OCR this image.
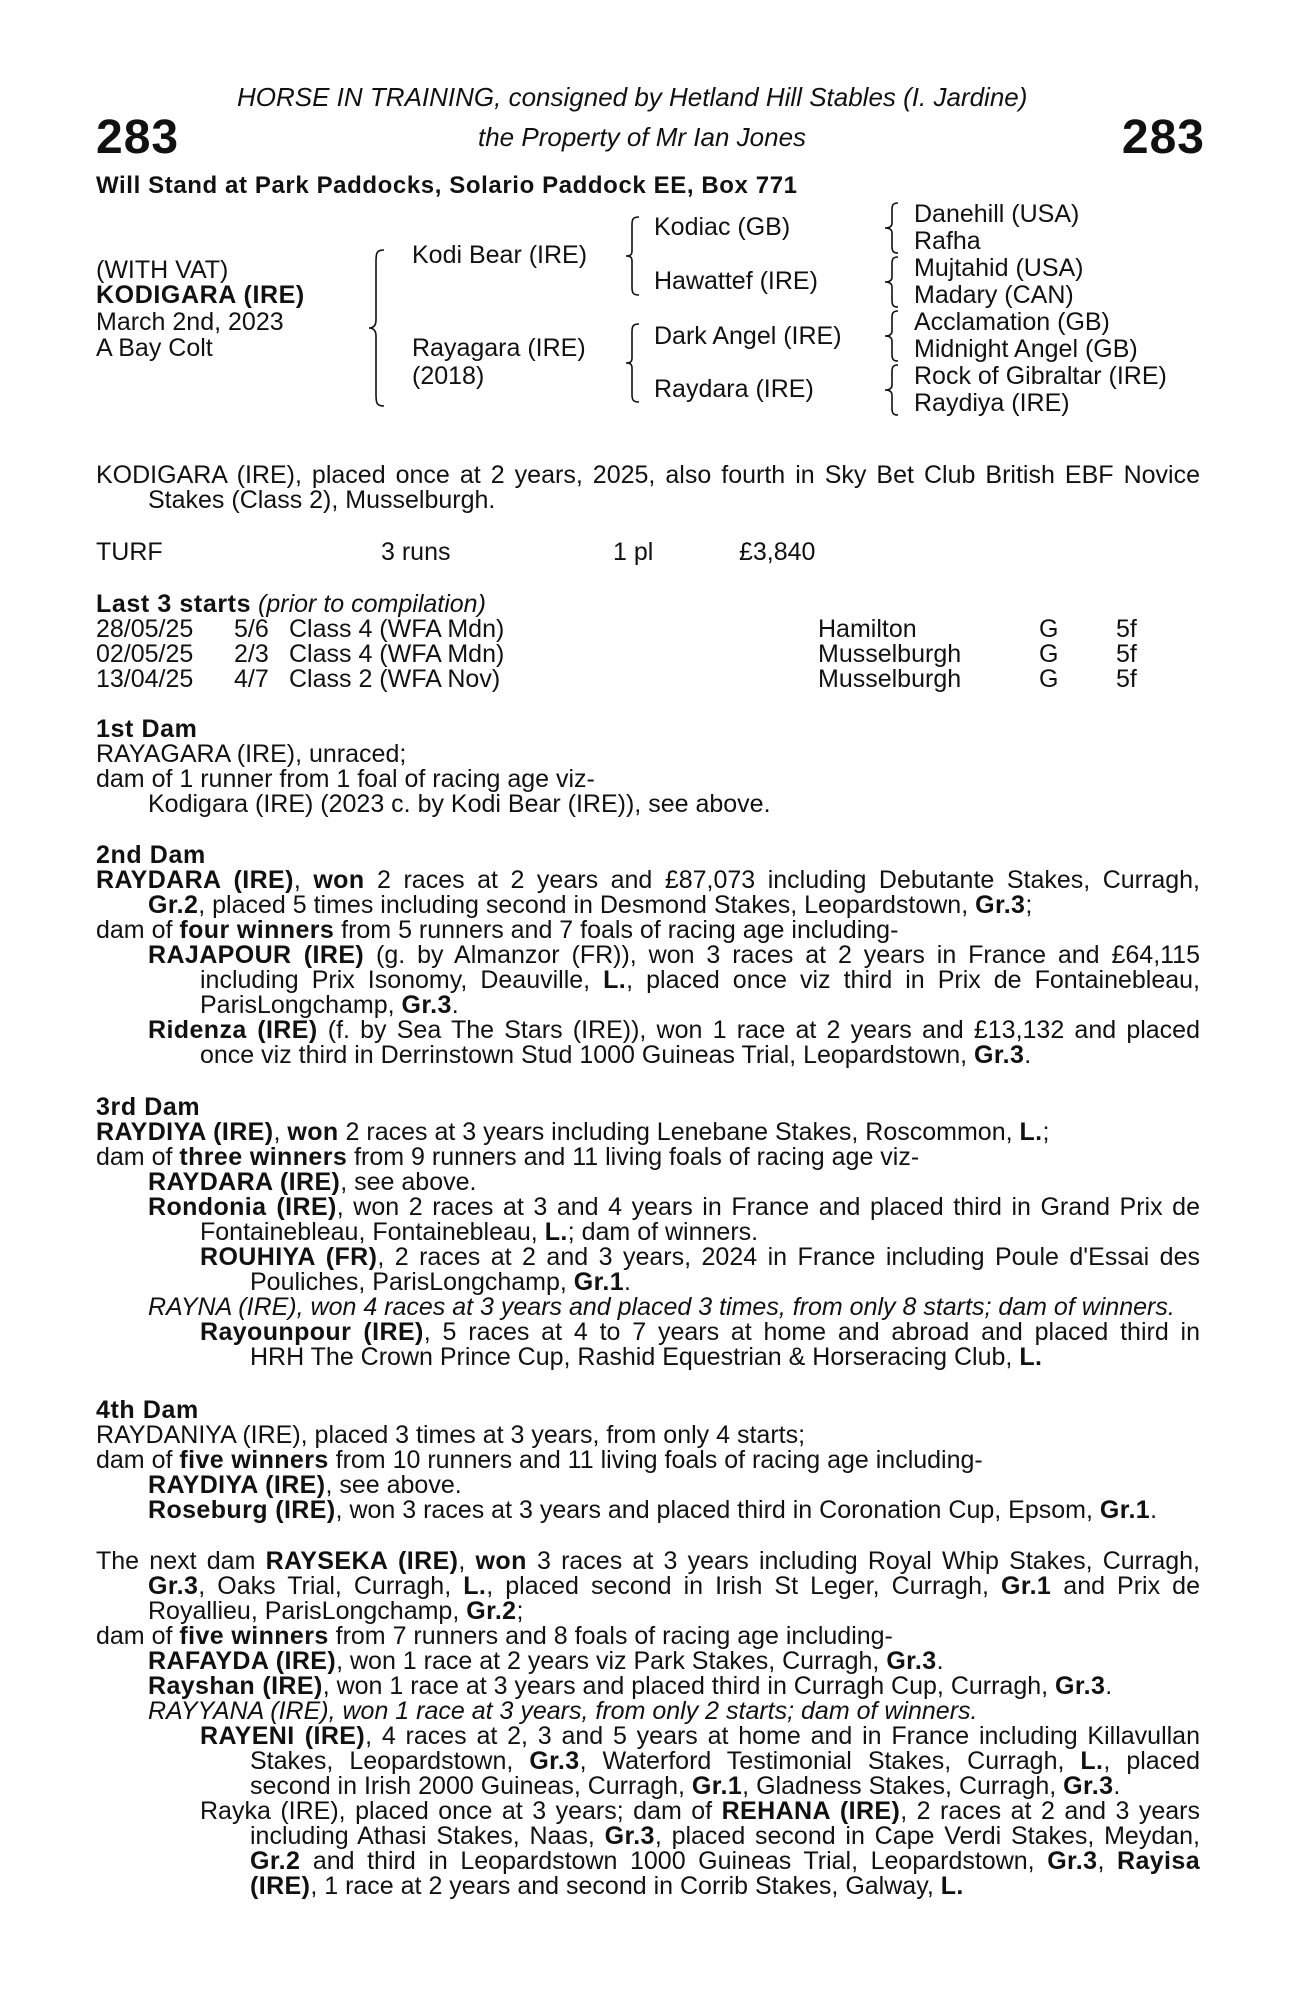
283	283
HORSE IN TRAINING, consigned by Hetland Hill Stables (I. Jardine)
the Property of Mr Ian Jones
Will Stand at Park Paddocks, Solario Paddock EE, Box 771
(WITH VAT)
KODIGARA (IRE)
March 2nd, 2023
A Bay Colt
Kodi Bear (IRE)
Rayagara (IRE)
(2018)
Kodiac (GB)
Hawattef (IRE)
Dark Angel (IRE)
Raydara (IRE)
Danehill (USA)
Rafha
Mujtahid (USA)
Madary (CAN)
Acclamation (GB)
Midnight Angel (GB)
Rock of Gibraltar (IRE)
Raydiya (IRE)
KODIGARA (IRE), placed once at 2 years, 2025, also fourth in Sky Bet Club British EBF Novice
Stakes (Class 2), Musselburgh.
TURF	3 runs	1 pl	£3,840
Last 3 starts (prior to compilation)
28/05/25 5/6 Class 4 (WFA Mdn)	Hamilton	G 5f
02/05/25 2/3 Class 4 (WFA Mdn)	Musselburgh	G 5f
13/04/25 4/7 Class 2 (WFA Nov)	Musselburgh	G 5f
1st Dam
RAYAGARA (IRE), unraced;
dam of 1 runner from 1 foal of racing age viz-
Kodigara (IRE) (2023 c. by Kodi Bear (IRE)), see above.
2nd Dam
RAYDARA (IRE), won 2 races at 2 years and £87,073 including Debutante Stakes, Curragh,
Gr.2, placed 5 times including second in Desmond Stakes, Leopardstown, Gr.3;
dam of four winners from 5 runners and 7 foals of racing age including-
RAJAPOUR (IRE) (g. by Almanzor (FR)), won 3 races at 2 years in France and £64,115
including Prix Isonomy, Deauville, L., placed once viz third in Prix de Fontainebleau,
ParisLongchamp, Gr.3.
Ridenza (IRE) (f. by Sea The Stars (IRE)), won 1 race at 2 years and £13,132 and placed
once viz third in Derrinstown Stud 1000 Guineas Trial, Leopardstown, Gr.3.
3rd Dam
RAYDIYA (IRE), won 2 races at 3 years including Lenebane Stakes, Roscommon, L.;
dam of three winners from 9 runners and 11 living foals of racing age viz-
RAYDARA (IRE), see above.
Rondonia (IRE), won 2 races at 3 and 4 years in France and placed third in Grand Prix de
Fontainebleau, Fontainebleau, L.; dam of winners.
ROUHIYA (FR), 2 races at 2 and 3 years, 2024 in France including Poule d'Essai des
Pouliches, ParisLongchamp, Gr.1.
RAYNA (IRE), won 4 races at 3 years and placed 3 times, from only 8 starts; dam of winners.
Rayounpour (IRE), 5 races at 4 to 7 years at home and abroad and placed third in
HRH The Crown Prince Cup, Rashid Equestrian & Horseracing Club, L.
4th Dam
RAYDANIYA (IRE), placed 3 times at 3 years, from only 4 starts;
dam of five winners from 10 runners and 11 living foals of racing age including-
RAYDIYA (IRE), see above.
Roseburg (IRE), won 3 races at 3 years and placed third in Coronation Cup, Epsom, Gr.1.
The next dam RAYSEKA (IRE), won 3 races at 3 years including Royal Whip Stakes, Curragh,
Gr.3, Oaks Trial, Curragh, L., placed second in Irish St Leger, Curragh, Gr.1 and Prix de
Royallieu, ParisLongchamp, Gr.2;
dam of five winners from 7 runners and 8 foals of racing age including-
RAFAYDA (IRE), won 1 race at 2 years viz Park Stakes, Curragh, Gr.3.
Rayshan (IRE), won 1 race at 3 years and placed third in Curragh Cup, Curragh, Gr.3.
RAYYANA (IRE), won 1 race at 3 years, from only 2 starts; dam of winners.
RAYENI (IRE), 4 races at 2, 3 and 5 years at home and in France including Killavullan
Stakes, Leopardstown, Gr.3, Waterford Testimonial Stakes, Curragh, L., placed
second in Irish 2000 Guineas, Curragh, Gr.1, Gladness Stakes, Curragh, Gr.3.
Rayka (IRE), placed once at 3 years; dam of REHANA (IRE), 2 races at 2 and 3 years
including Athasi Stakes, Naas, Gr.3, placed second in Cape Verdi Stakes, Meydan,
Gr.2 and third in Leopardstown 1000 Guineas Trial, Leopardstown, Gr.3, Rayisa
(IRE), 1 race at 2 years and second in Corrib Stakes, Galway, L.
